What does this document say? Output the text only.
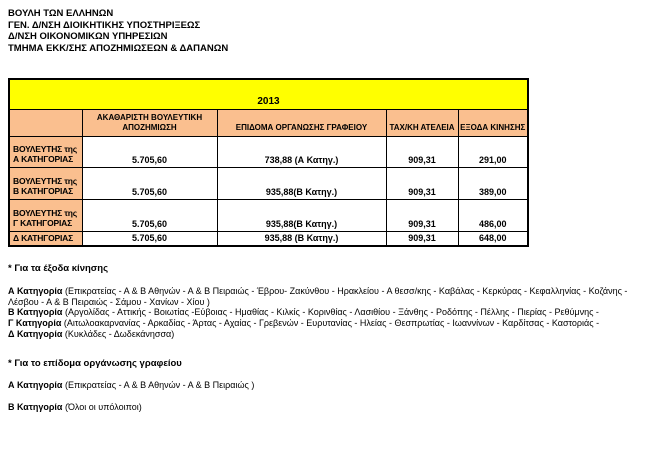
ΒΟΥΛΗ ΤΩΝ ΕΛΛΗΝΩΝ
ΓΕΝ. Δ/ΝΣΗ ΔΙΟΙΚΗΤΙΚΗΣ ΥΠΟΣΤΗΡΙΞΕΩΣ
Δ/ΝΣΗ ΟΙΚΟΝΟΜΙΚΩΝ ΥΠΗΡΕΣΙΩΝ
ΤΜΗΜΑ ΕΚΚ/ΣΗΣ ΑΠΟΖΗΜΙΩΣΕΩΝ & ΔΑΠΑΝΩΝ
2013				
	ΑΚΑΘΑΡΙΣΤΗ ΒΟΥΛΕΥΤΙΚΗ ΑΠΟΖΗΜΙΩΣΗ	ΕΠΙΔΟΜΑ ΟΡΓΑΝΩΣΗΣ ΓΡΑΦΕΙΟΥ	ΤΑΧ/ΚΗ ΑΤΕΛΕΙΑ	ΕΞΟΔΑ ΚΙΝΗΣΗΣ

ΒΟΥΛΕΥΤΗΣ της
Α ΚΑΤΗΓΟΡΙΑΣ	5.705,60	738,88 (Α Κατηγ.)	909,31	291,00

ΒΟΥΛΕΥΤΗΣ της
Β ΚΑΤΗΓΟΡΙΑΣ	5.705,60	935,88(Β Κατηγ.)	909,31	389,00

ΒΟΥΛΕΥΤΗΣ της
Γ ΚΑΤΗΓΟΡΙΑΣ	5.705,60	935,88(Β Κατηγ.)	909,31	486,00

Δ ΚΑΤΗΓΟΡΙΑΣ	5.705,60	935,88 (Β Κατηγ.)	909,31	648,00
* Για τα έξοδα κίνησης
Α Κατηγορία (Επικρατείας - Α & Β Αθηνών - Α & Β Πειραιώς - Έβρου- Ζακύνθου - Ηρακλείου - Α θεσσ/κης - Καβάλας - Κερκύρας - Κεφαλληνίας - Κοζάνης -
Λέσβου - Α & Β Πειραιώς - Σάμου - Χανίων - Χίου )
Β Κατηγορία (Αργολίδας - Αττικής - Βοιωτίας -Εύβοιας - Ημαθίας - Κιλκίς - Κορινθίας - Λασιθίου - Ξάνθης - Ροδόπης - Πέλλης - Πιερίας - Ρεθύμνης -
Γ Κατηγορία (Αιτωλοακαρνανίας - Αρκαδίας - Άρτας - Αχαίας - Γρεβενών - Ευρυτανίας - Ηλείας - Θεσπρωτίας - Ιωαννίνων - Καρδίτσας - Καστοριάς -
Δ Κατηγορία (Κυκλάδες - Δωδεκάνησσα)
* Για το επίδομα οργάνωσης γραφείου
Α Κατηγορία (Επικρατείας - Α & Β Αθηνών - Α & Β Πειραιώς )
Β Κατηγορία (Όλοι οι υπόλοιποι)
